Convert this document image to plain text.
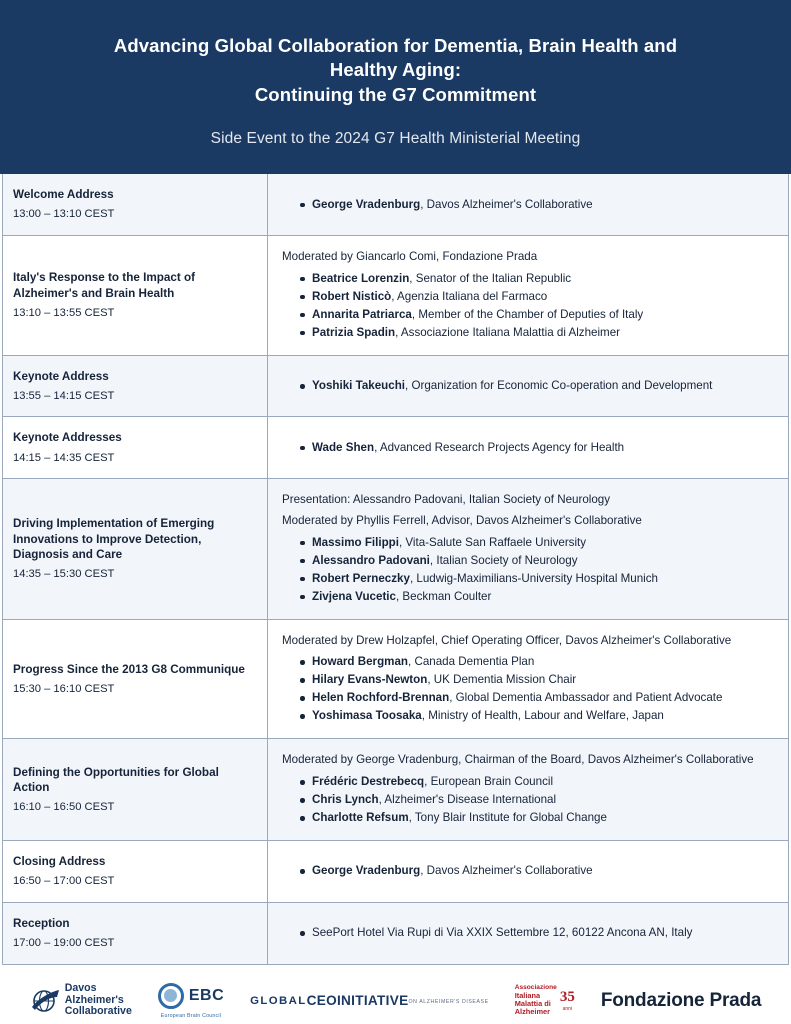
Advancing Global Collaboration for Dementia, Brain Health and
Healthy Aging:
Continuing the G7 Commitment
Side Event to the 2024 G7 Health Ministerial Meeting
Welcome Address
13:00 – 13:10 CEST
George Vradenburg, Davos Alzheimer's Collaborative
Italy's Response to the Impact of Alzheimer's and Brain Health
13:10 – 13:55 CEST
Moderated by Giancarlo Comi, Fondazione Prada
Beatrice Lorenzin, Senator of the Italian Republic
Robert Nisticò, Agenzia Italiana del Farmaco
Annarita Patriarca, Member of the Chamber of Deputies of Italy
Patrizia Spadin, Associazione Italiana Malattia di Alzheimer
Keynote Address
13:55 – 14:15 CEST
Yoshiki Takeuchi, Organization for Economic Co-operation and Development
Keynote Addresses
14:15 – 14:35 CEST
Wade Shen, Advanced Research Projects Agency for Health
Driving Implementation of Emerging Innovations to Improve Detection, Diagnosis and Care
14:35 – 15:30 CEST
Presentation: Alessandro Padovani, Italian Society of Neurology
Moderated by Phyllis Ferrell, Advisor, Davos Alzheimer's Collaborative
Massimo Filippi, Vita-Salute San Raffaele University
Alessandro Padovani, Italian Society of Neurology
Robert Perneczky, Ludwig-Maximilians-University Hospital Munich
Zivjena Vucetic, Beckman Coulter
Progress Since the 2013 G8 Communique
15:30 – 16:10 CEST
Moderated by Drew Holzapfel, Chief Operating Officer, Davos Alzheimer's Collaborative
Howard Bergman, Canada Dementia Plan
Hilary Evans-Newton, UK Dementia Mission Chair
Helen Rochford-Brennan, Global Dementia Ambassador and Patient Advocate
Yoshimasa Toosaka, Ministry of Health, Labour and Welfare, Japan
Defining the Opportunities for Global Action
16:10 – 16:50 CEST
Moderated by George Vradenburg, Chairman of the Board, Davos Alzheimer's Collaborative
Frédéric Destrebecq, European Brain Council
Chris Lynch, Alzheimer's Disease International
Charlotte Refsum, Tony Blair Institute for Global Change
Closing Address
16:50 – 17:00 CEST
George Vradenburg, Davos Alzheimer's Collaborative
Reception
17:00 – 19:00 CEST
SeePort Hotel Via Rupi di Via XXIX Settembre 12, 60122 Ancona AN, Italy
Davos
Alzheimer's
Collaborative
EBC
European Brain Council
GLOBAL CEOINITIATIVE ON ALZHEIMER'S DISEASE
Associazione
Italiana
Malattia di
Alzheimer
35
anni Fondazione Prada
